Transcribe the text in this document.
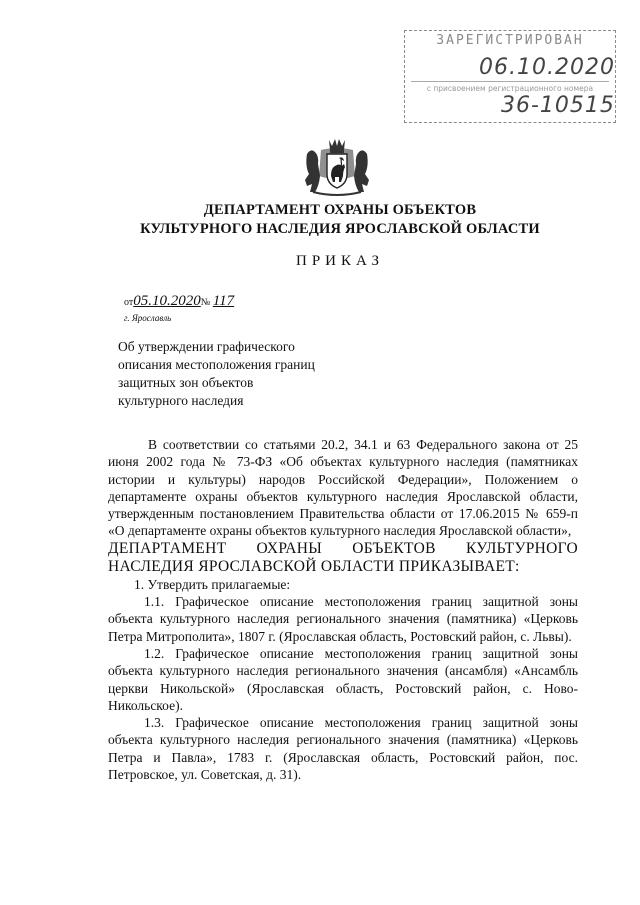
ЗАРЕГИСТРИРОВАН
06.10.2020
с присвоением регистрационного номера
36-10515
ДЕПАРТАМЕНТ ОХРАНЫ ОБЪЕКТОВ
КУЛЬТУРНОГО НАСЛЕДИЯ ЯРОСЛАВСКОЙ ОБЛАСТИ
ПРИКАЗ
от05.10.2020№ 117
г. Ярославль
Об утверждении графического
описания местоположения границ
защитных зон объектов
культурного наследия

В соответствии со статьями 20.2, 34.1 и 63 Федерального закона от 25 июня 2002 года № 73-ФЗ «Об объектах культурного наследия (памятниках истории и культуры) народов Российской Федерации», Положением о департаменте охраны объектов культурного наследия Ярославской области, утвержденным постановлением Правительства области от 17.06.2015 № 659-п «О департаменте охраны объектов культурного наследия Ярославской области»,

ДЕПАРТАМЕНТ ОХРАНЫ ОБЪЕКТОВ КУЛЬТУРНОГО НАСЛЕДИЯ ЯРОСЛАВСКОЙ ОБЛАСТИ ПРИКАЗЫВАЕТ:

1. Утвердить прилагаемые:

1.1. Графическое описание местоположения границ защитной зоны объекта культурного наследия регионального значения (памятника) «Церковь Петра Митрополита», 1807 г. (Ярославская область, Ростовский район, с. Львы).

1.2. Графическое описание местоположения границ защитной зоны объекта культурного наследия регионального значения (ансамбля) «Ансамбль церкви Никольской» (Ярославская область, Ростовский район, с. Ново-Никольское).

1.3. Графическое описание местоположения границ защитной зоны объекта культурного наследия регионального значения (памятника) «Церковь Петра и Павла», 1783 г. (Ярославская область, Ростовский район, пос. Петровское, ул. Советская, д. 31).
